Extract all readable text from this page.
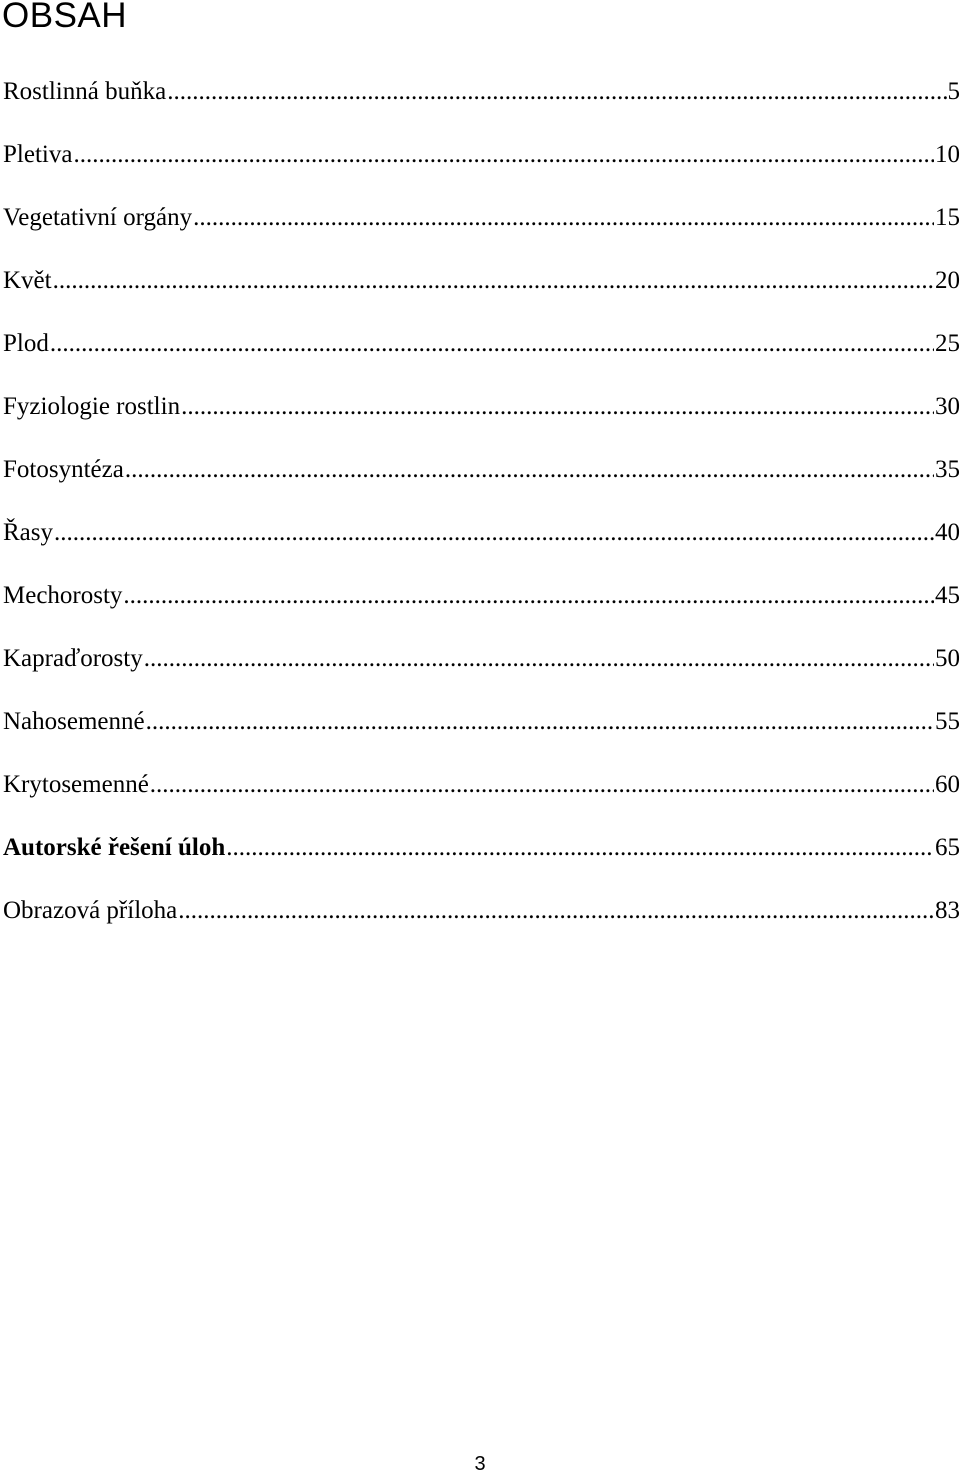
OBSAH
Rostlinná buňka .....	5
Pletiva .....	10
Vegetativní orgány .....	15
Květ .....	20
Plod .....	25
Fyziologie rostlin .....	30
Fotosyntéza .....	35
Řasy .....	40
Mechorosty .....	45
Kapraďorosty .....	50
Nahosemenné .....	55
Krytosemenné .....	60
Autorské řešení úloh .....	65
Obrazová příloha .....	83
3
